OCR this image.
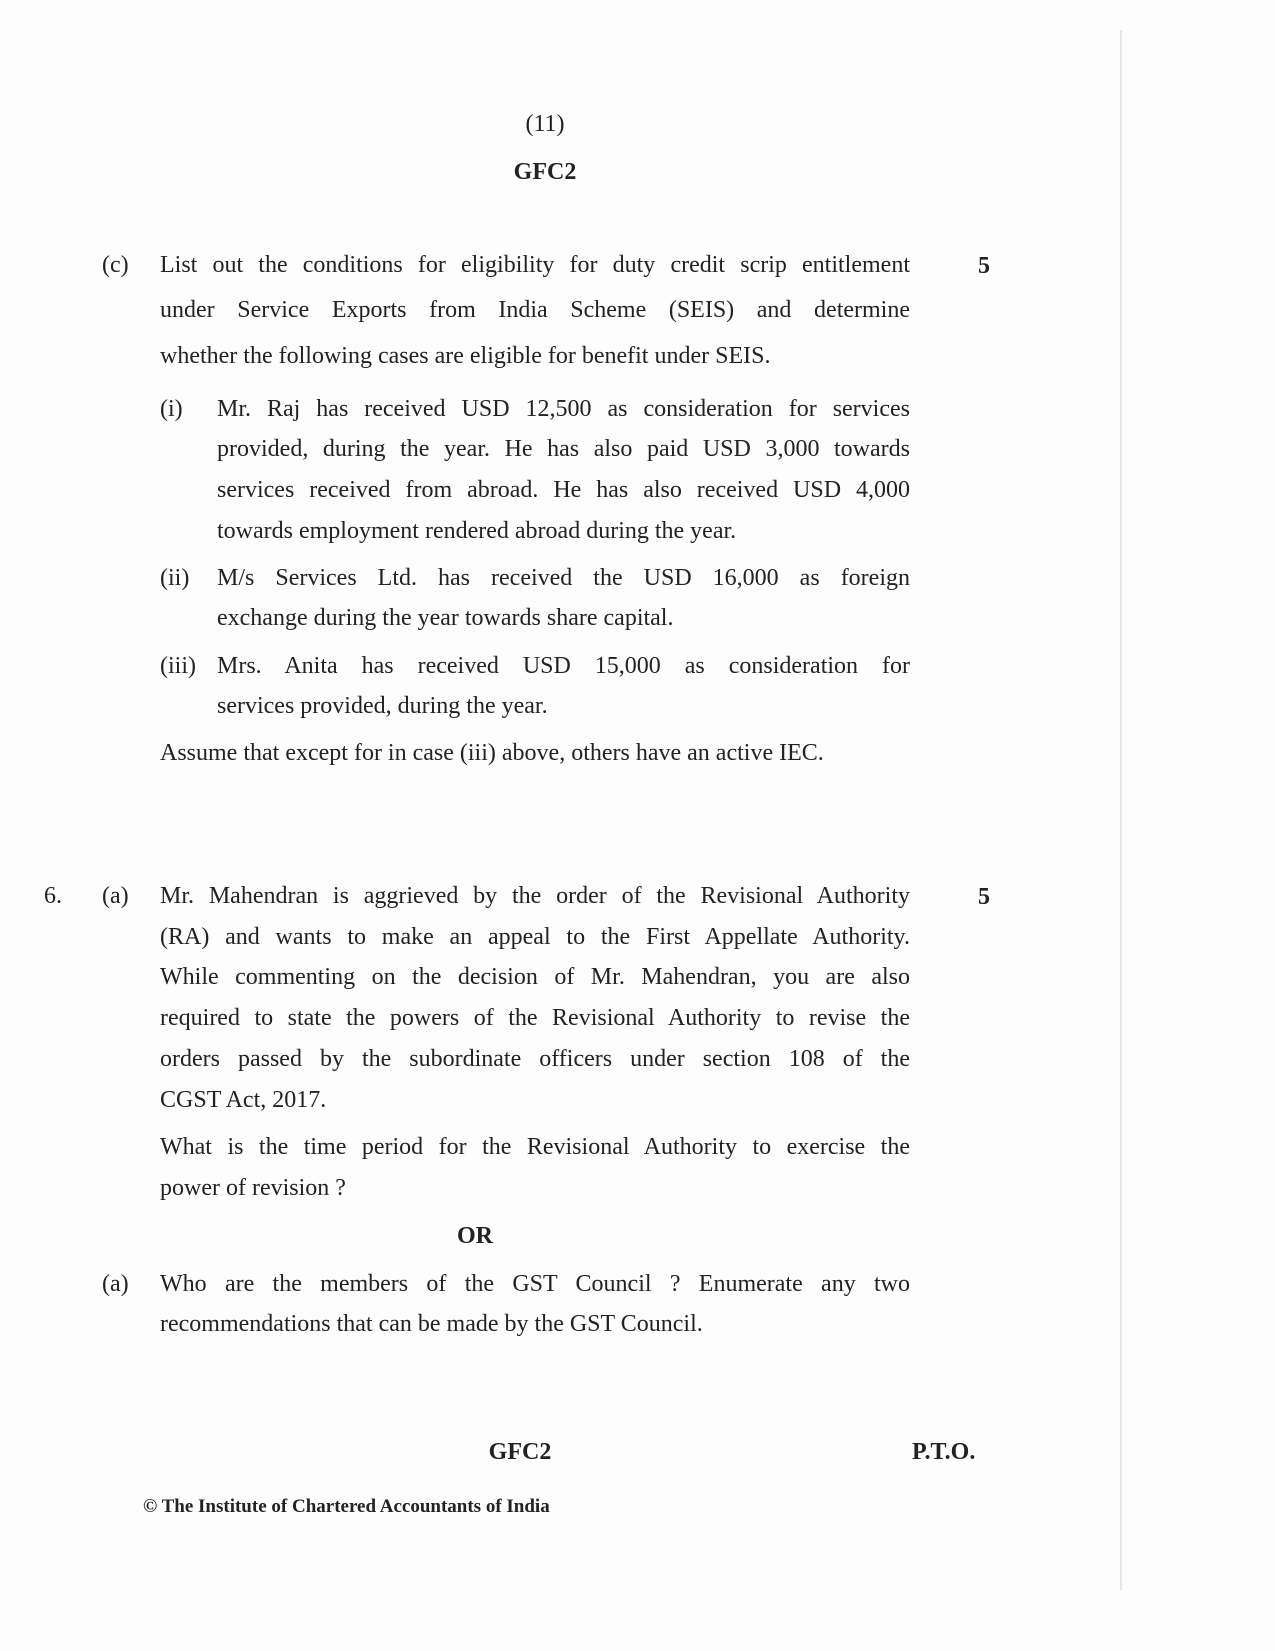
(11)
GFC2
(c)	5
List out the conditions for eligibility for duty credit scrip entitlement
under Service Exports from India Scheme (SEIS) and determine
whether the following cases are eligible for benefit under SEIS.
(i) Mr. Raj has received USD 12,500 as consideration for services
provided, during the year. He has also paid USD 3,000 towards
services received from abroad. He has also received USD 4,000
towards employment rendered abroad during the year.
(ii) M/s Services Ltd. has received the USD 16,000 as foreign
exchange during the year towards share capital.
(iii) Mrs. Anita has received USD 15,000 as consideration for
services provided, during the year.
Assume that except for in case (iii) above, others have an active IEC.
6. (a)	5
Mr. Mahendran is aggrieved by the order of the Revisional Authority
(RA) and wants to make an appeal to the First Appellate Authority.
While commenting on the decision of Mr. Mahendran, you are also
required to state the powers of the Revisional Authority to revise the
orders passed by the subordinate officers under section 108 of the
CGST Act, 2017.
What is the time period for the Revisional Authority to exercise the
power of revision ?
OR
(a) Who are the members of the GST Council ? Enumerate any two
recommendations that can be made by the GST Council.
GFC2	P.T.O.
© The Institute of Chartered Accountants of India
